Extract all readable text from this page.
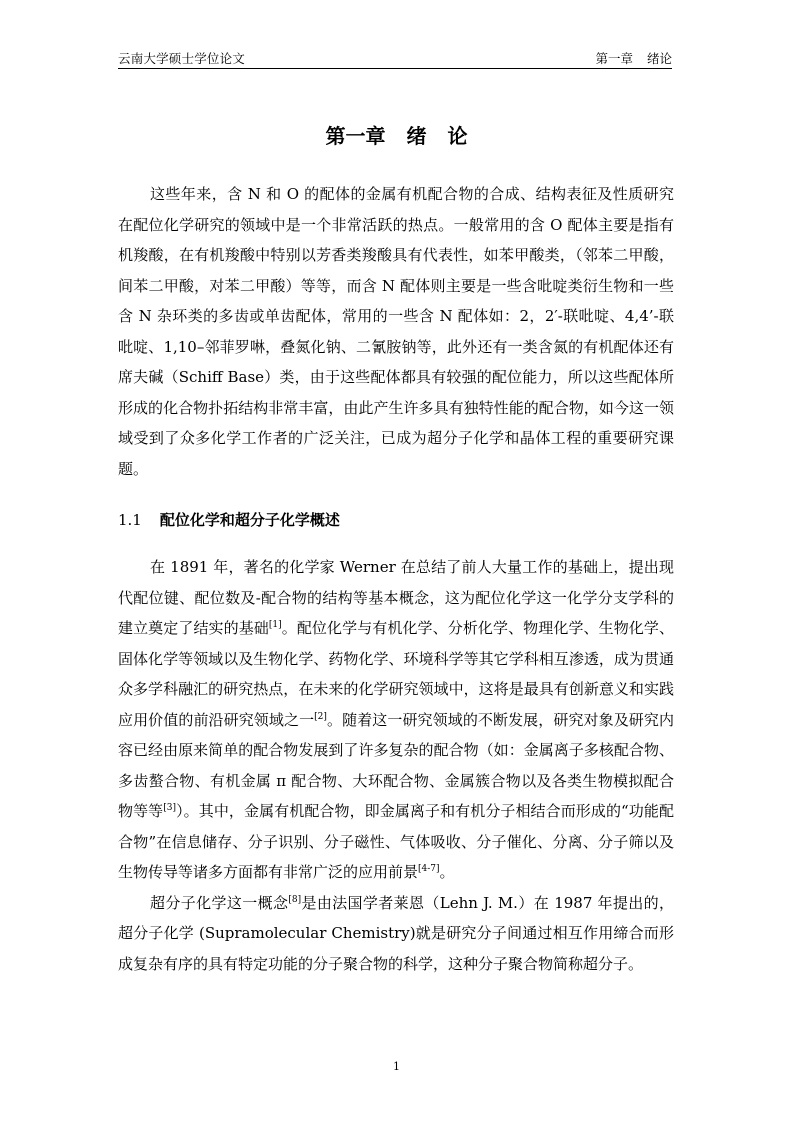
云南大学硕士学位论文	第一章 绪论
第一章 绪 论

这些年来，含 N 和 O 的配体的金属有机配合物的合成、结构表征及性质研究在配位化学研究的领域中是一个非常活跃的热点。一般常用的含 O 配体主要是指有机羧酸，在有机羧酸中特别以芳香类羧酸具有代表性，如苯甲酸类，（邻苯二甲酸，间苯二甲酸，对苯二甲酸）等等，而含 N 配体则主要是一些含吡啶类衍生物和一些含 N 杂环类的多齿或单齿配体，常用的一些含 N 配体如：2，2′-联吡啶、4,4’-联吡啶、1,10–邻菲罗啉，叠氮化钠、二氰胺钠等，此外还有一类含氮的有机配体还有席夫碱（Schiff Base）类，由于这些配体都具有较强的配位能力，所以这些配体所形成的化合物扑拓结构非常丰富，由此产生许多具有独特性能的配合物，如今这一领域受到了众多化学工作者的广泛关注，已成为超分子化学和晶体工程的重要研究课题。

1.1 配位化学和超分子化学概述

在 1891 年，著名的化学家 Werner 在总结了前人大量工作的基础上，提出现代配位键、配位数及-配合物的结构等基本概念，这为配位化学这一化学分支学科的建立奠定了结实的基础[1]。配位化学与有机化学、分析化学、物理化学、生物化学、固体化学等领域以及生物化学、药物化学、环境科学等其它学科相互渗透，成为贯通众多学科融汇的研究热点，在未来的化学研究领域中，这将是最具有创新意义和实践应用价值的前沿研究领域之一[2]。随着这一研究领域的不断发展，研究对象及研究内容已经由原来简单的配合物发展到了许多复杂的配合物（如：金属离子多核配合物、多齿螯合物、有机金属 π 配合物、大环配合物、金属簇合物以及各类生物模拟配合物等等[3]）。其中，金属有机配合物，即金属离子和有机分子相结合而形成的“功能配合物”在信息储存、分子识别、分子磁性、气体吸收、分子催化、分离、分子筛以及生物传导等诸多方面都有非常广泛的应用前景[4-7]。

超分子化学这一概念[8]是由法国学者莱恩（Lehn J. M.）在 1987 年提出的，超分子化学 (Supramolecular Chemistry)就是研究分子间通过相互作用缔合而形成复杂有序的具有特定功能的分子聚合物的科学，这种分子聚合物简称超分子。

1
